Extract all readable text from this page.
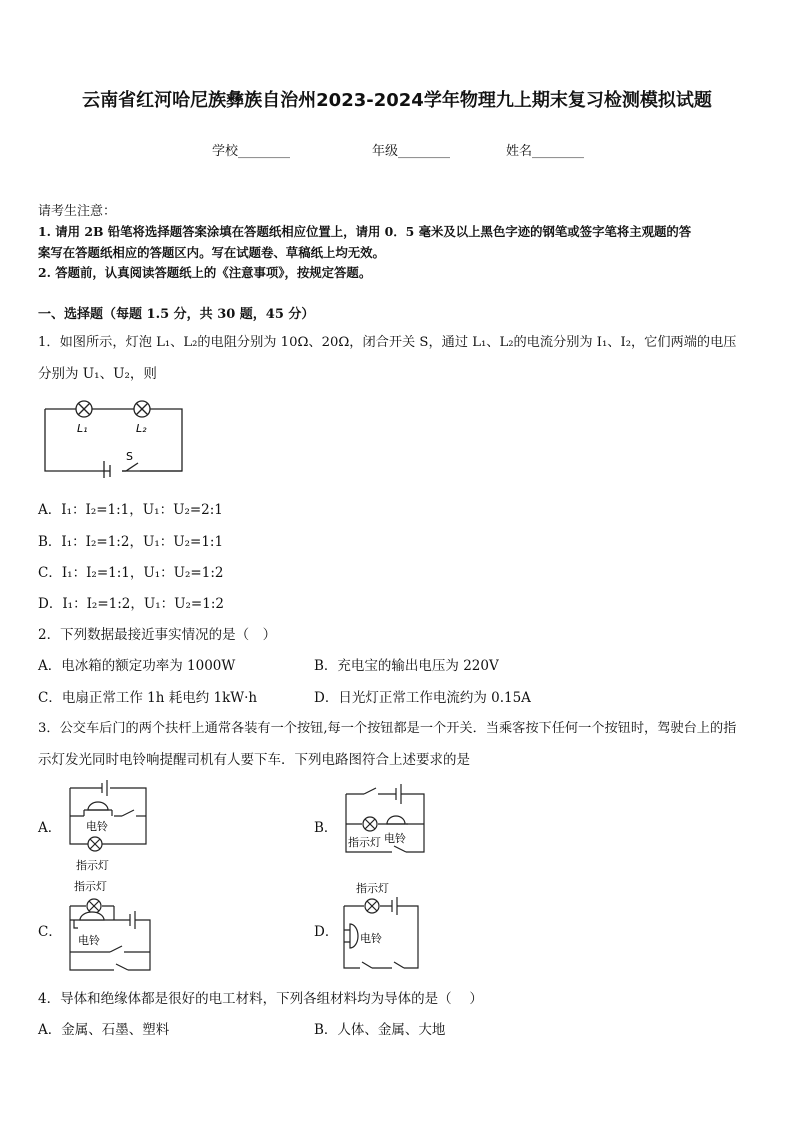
云南省红河哈尼族彝族自治州2023-2024学年物理九上期末复习检测模拟试题
学校________	年级________	姓名________
请考生注意：
1. 请用 2B 铅笔将选择题答案涂填在答题纸相应位置上，请用 0．5 毫米及以上黑色字迹的钢笔或签字笔将主观题的答
案写在答题纸相应的答题区内。写在试题卷、草稿纸上均无效。
2. 答题前，认真阅读答题纸上的《注意事项》，按规定答题。
一、选择题（每题 1.5 分，共 30 题，45 分）
1．如图所示，灯泡 L₁、L₂的电阻分别为 10Ω、20Ω，闭合开关 S，通过 L₁、L₂的电流分别为 I₁、I₂，它们两端的电压
分别为 U₁、U₂，则
L₁	L₂
S
A．I₁：I₂=1:1，U₁：U₂=2:1
B．I₁：I₂=1:2，U₁：U₂=1:1
C．I₁：I₂=1:1，U₁：U₂=1:2
D．I₁：I₂=1:2，U₁：U₂=1:2
2．下列数据最接近事实情况的是（　）
A．电冰箱的额定功率为 1000W	B．充电宝的输出电压为 220V
C．电扇正常工作 1h 耗电约 1kW·h	D．日光灯正常工作电流约为 0.15A
3．公交车后门的两个扶杆上通常各装有一个按钮,每一个按钮都是一个开关．当乘客按下任何一个按钮时，驾驶台上的指
示灯发光同时电铃响提醒司机有人要下车．下列电路图符合上述要求的是
A．	B．
C．	D．
电铃
指示灯
电铃
指示灯
指示灯
电铃
指示灯
电铃
4．导体和绝缘体都是很好的电工材料，下列各组材料均为导体的是（　 ）
A．金属、石墨、塑料	B．人体、金属、大地
